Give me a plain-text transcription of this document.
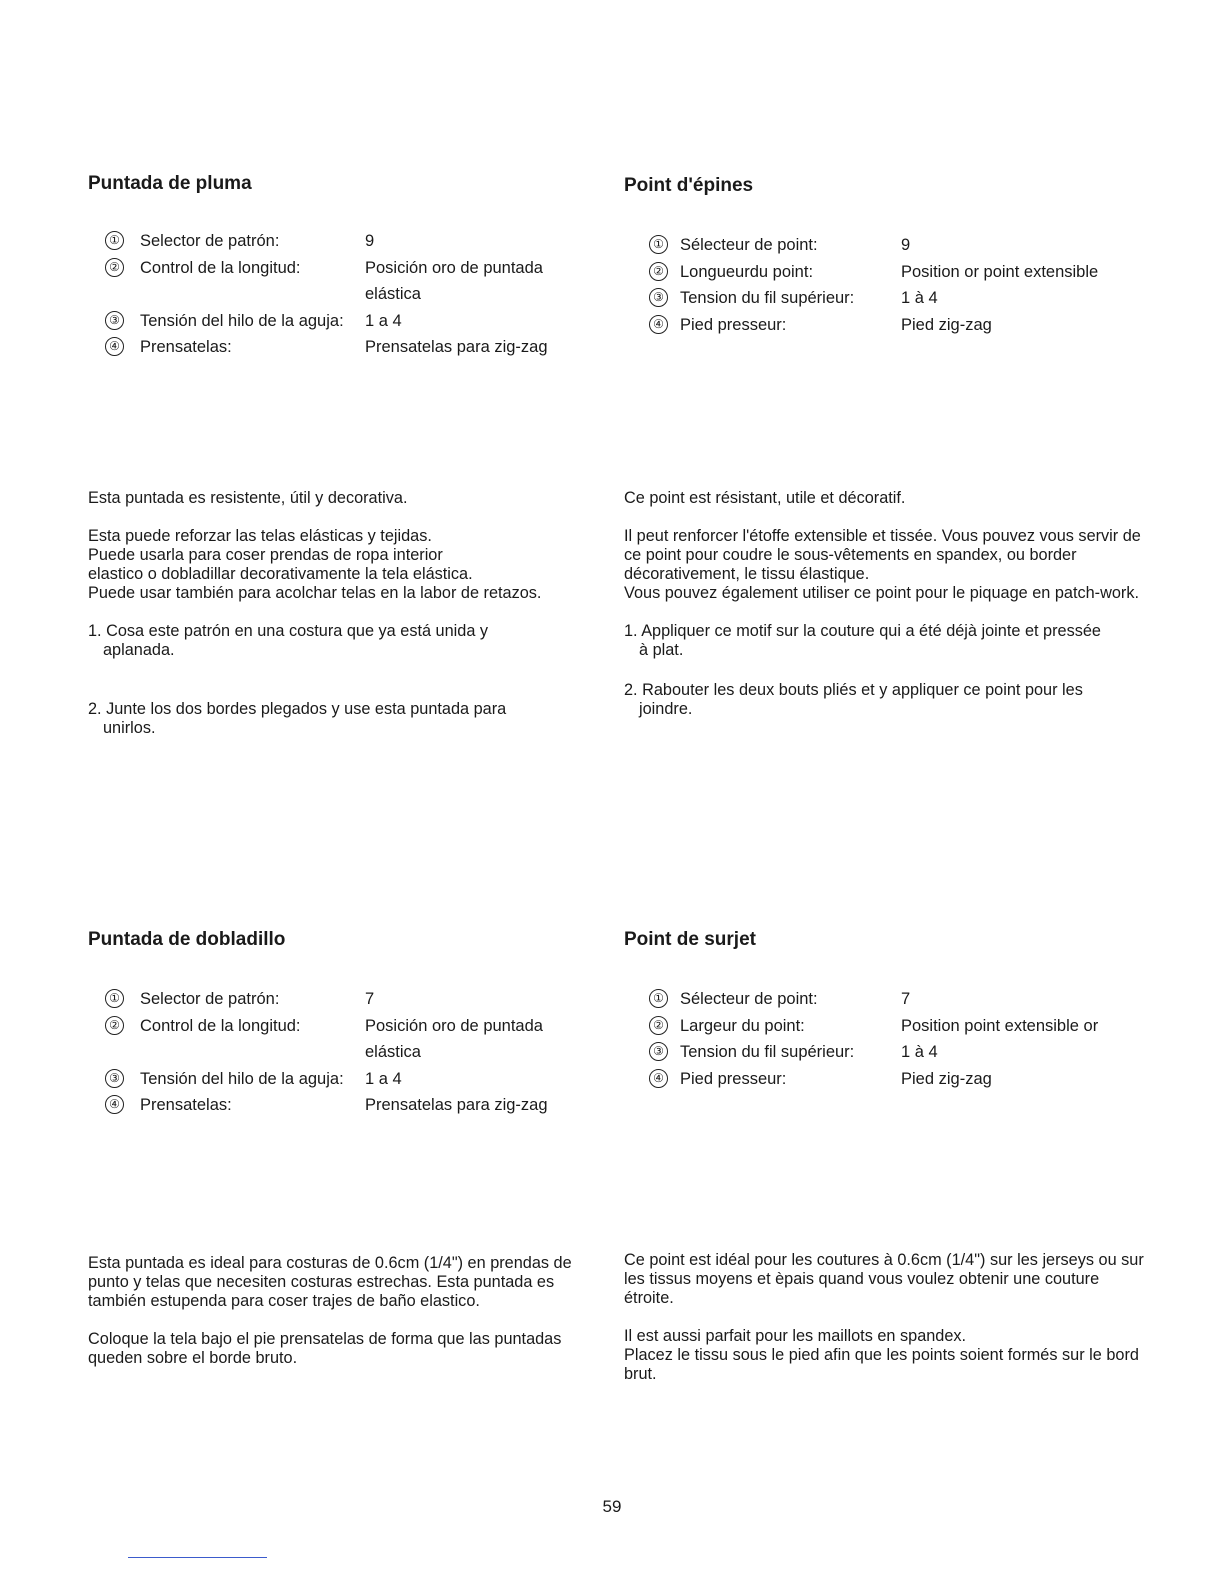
Puntada de pluma
① Selector de patrón:	9
② Control de la longitud:	Posición oro de puntada elástica
③ Tensión del hilo de la aguja: 1 a 4
④ Prensatelas:	Prensatelas para zig-zag

Esta puntada es resistente, útil y decorativa.

Esta puede reforzar las telas elásticas y tejidas.
Puede usarla para coser prendas de ropa interior
elastico o dobladillar decorativamente la tela elástica.
Puede usar también para acolchar telas en la labor de retazos.

1. Cosa este patrón en una costura que ya está unida y aplanada.

2. Junte los dos bordes plegados y use esta puntada para unirlos.

Point d'épines
① Sélecteur de point:	9
② Longueurdu point:	Position or point extensible
③ Tension du fil supérieur:	1 à 4
④ Pied presseur:	Pied zig-zag

Ce point est résistant, utile et décoratif.

Il peut renforcer l'étoffe extensible et tissée. Vous pouvez vous servir de ce point pour coudre le sous-vêtements en spandex, ou border décorativement, le tissu élastique.
Vous pouvez également utiliser ce point pour le piquage en patch-work.

1. Appliquer ce motif sur la couture qui a été déjà jointe et pressée à plat.

2. Rabouter les deux bouts pliés et y appliquer ce point pour les joindre.

Puntada de dobladillo
① Selector de patrón:	7
② Control de la longitud:	Posición oro de puntada elástica
③ Tensión del hilo de la aguja: 1 a 4
④ Prensatelas:	Prensatelas para zig-zag

Esta puntada es ideal para costuras de 0.6cm (1/4") en prendas de punto y telas que necesiten costuras estrechas. Esta puntada es también estupenda para coser trajes de baño elastico.

Coloque la tela bajo el pie prensatelas de forma que las puntadas queden sobre el borde bruto.

Point de surjet
① Sélecteur de point:	7
② Largeur du point:	Position point extensible or
③ Tension du fil supérieur:	1 à 4
④ Pied presseur:	Pied zig-zag

Ce point est idéal pour les coutures à 0.6cm (1/4") sur les jerseys ou sur les tissus moyens et èpais quand vous voulez obtenir une couture étroite.

Il est aussi parfait pour les maillots en spandex.
Placez le tissu sous le pied afin que les points soient formés sur le bord brut.

59
